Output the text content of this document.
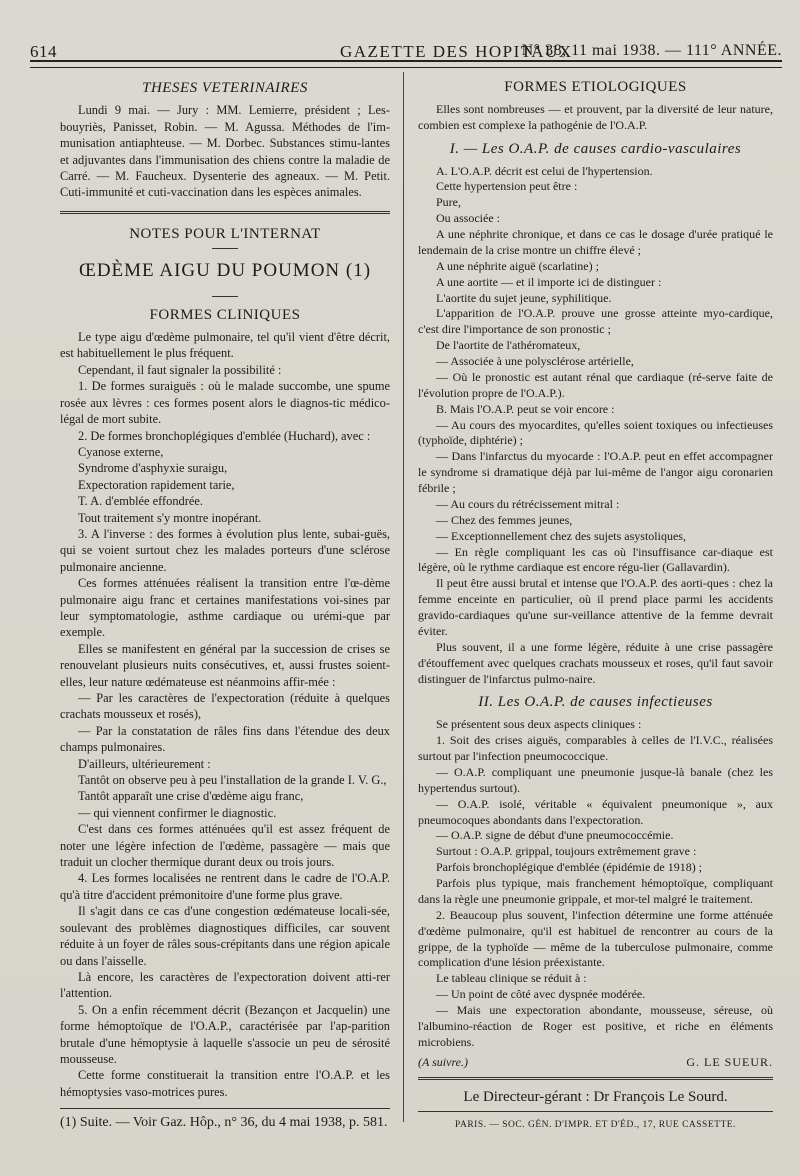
614	GAZETTE DES HOPITAUX
N° 38, 11 mai 1938. — 111° ANNÉE.
THESES VETERINAIRES

Lundi 9 mai. — Jury : MM. Lemierre, président ; Les-bouyriès, Panisset, Robin. — M. Agussa. Méthodes de l'im-munisation antiaphteuse. — M. Dorbec. Substances stimu-lantes et adjuvantes dans l'immunisation des chiens contre la maladie de Carré. — M. Faucheux. Dysenterie des agneaux. — M. Petit. Cuti-immunité et cuti-vaccination dans les espèces animales.

NOTES POUR L'INTERNAT
ŒDÈME AIGU DU POUMON (1)
FORMES CLINIQUES

Le type aigu d'œdème pulmonaire, tel qu'il vient d'être décrit, est habituellement le plus fréquent.

Cependant, il faut signaler la possibilité :

1. De formes suraiguës : où le malade succombe, une spume rosée aux lèvres : ces formes posent alors le diagnos-tic médico-légal de mort subite.

2. De formes bronchoplégiques d'emblée (Huchard), avec :

Cyanose externe,

Syndrome d'asphyxie suraigu,

Expectoration rapidement tarie,

T. A. d'emblée effondrée.

Tout traitement s'y montre inopérant.

3. A l'inverse : des formes à évolution plus lente, subai-guës, qui se voient surtout chez les malades porteurs d'une sclérose pulmonaire ancienne.

Ces formes atténuées réalisent la transition entre l'œ-dème pulmonaire aigu franc et certaines manifestations voi-sines par leur symptomatologie, asthme cardiaque ou urémi-que par exemple.

Elles se manifestent en général par la succession de crises se renouvelant plusieurs nuits consécutives, et, aussi frustes soient-elles, leur nature œdémateuse est néanmoins affir-mée :

— Par les caractères de l'expectoration (réduite à quelques crachats mousseux et rosés),

— Par la constatation de râles fins dans l'étendue des deux champs pulmonaires.

D'ailleurs, ultérieurement :

Tantôt on observe peu à peu l'installation de la grande I. V. G.,

Tantôt apparaît une crise d'œdème aigu franc,

— qui viennent confirmer le diagnostic.

C'est dans ces formes atténuées qu'il est assez fréquent de noter une légère infection de l'œdème, passagère — mais que traduit un clocher thermique durant deux ou trois jours.

4. Les formes localisées ne rentrent dans le cadre de l'O.A.P. qu'à titre d'accident prémonitoire d'une forme plus grave.

Il s'agit dans ce cas d'une congestion œdémateuse locali-sée, soulevant des problèmes diagnostiques difficiles, car souvent réduite à un foyer de râles sous-crépitants dans une région apicale ou dans l'aisselle.

Là encore, les caractères de l'expectoration doivent atti-rer l'attention.

5. On a enfin récemment décrit (Bezançon et Jacquelin) une forme hémoptoïque de l'O.A.P., caractérisée par l'ap-parition brutale d'une hémoptysie à laquelle s'associe un peu de sérosité mousseuse.

Cette forme constituerait la transition entre l'O.A.P. et les hémoptysies vaso-motrices pures.

(1) Suite. — Voir Gaz. Hôp., n° 36, du 4 mai 1938, p. 581.
FORMES ETIOLOGIQUES

Elles sont nombreuses — et prouvent, par la diversité de leur nature, combien est complexe la pathogénie de l'O.A.P.

I. — Les O.A.P. de causes cardio-vasculaires

A. L'O.A.P. décrit est celui de l'hypertension.

Cette hypertension peut être :

Pure,

Ou associée :

A une néphrite chronique, et dans ce cas le dosage d'urée pratiqué le lendemain de la crise montre un chiffre élevé ;

A une néphrite aiguë (scarlatine) ;

A une aortite — et il importe ici de distinguer :

L'aortite du sujet jeune, syphilitique.

L'apparition de l'O.A.P. prouve une grosse atteinte myo-cardique, c'est dire l'importance de son pronostic ;

De l'aortite de l'athéromateux,

— Associée à une polysclérose artérielle,

— Où le pronostic est autant rénal que cardiaque (ré-serve faite de l'évolution propre de l'O.A.P.).

B. Mais l'O.A.P. peut se voir encore :

— Au cours des myocardites, qu'elles soient toxiques ou infectieuses (typhoïde, diphtérie) ;

— Dans l'infarctus du myocarde : l'O.A.P. peut en effet accompagner le syndrome si dramatique déjà par lui-même de l'angor aigu coronarien fébrile ;

— Au cours du rétrécissement mitral :

— Chez des femmes jeunes,

— Exceptionnellement chez des sujets asystoliques,

— En règle compliquant les cas où l'insuffisance car-diaque est légère, où le rythme cardiaque est encore régu-lier (Gallavardin).

Il peut être aussi brutal et intense que l'O.A.P. des aorti-ques : chez la femme enceinte en particulier, où il prend place parmi les accidents gravido-cardiaques qu'une sur-veillance attentive de la femme devrait éviter.

Plus souvent, il a une forme légère, réduite à une crise passagère d'étouffement avec quelques crachats mousseux et roses, qu'il faut savoir distinguer de l'infarctus pulmo-naire.

II. Les O.A.P. de causes infectieuses

Se présentent sous deux aspects cliniques :

1. Soit des crises aiguës, comparables à celles de l'I.V.C., réalisées surtout par l'infection pneumococcique.

— O.A.P. compliquant une pneumonie jusque-là banale (chez les hypertendus surtout).

— O.A.P. isolé, véritable « équivalent pneumonique », aux pneumocoques abondants dans l'expectoration.

— O.A.P. signe de début d'une pneumococcémie.

Surtout : O.A.P. grippal, toujours extrêmement grave :

Parfois bronchoplégique d'emblée (épidémie de 1918) ;

Parfois plus typique, mais franchement hémoptoïque, compliquant dans la règle une pneumonie grippale, et mor-tel malgré le traitement.

2. Beaucoup plus souvent, l'infection détermine une forme atténuée d'œdème pulmonaire, qu'il est habituel de rencontrer au cours de la grippe, de la typhoïde — même de la tuberculose pulmonaire, comme complication d'une lésion préexistante.

Le tableau clinique se réduit à :

— Un point de côté avec dyspnée modérée.

— Mais une expectoration abondante, mousseuse, séreuse, où l'albumino-réaction de Roger est positive, et riche en éléments microbiens.

(A suivre.)	G. LE SUEUR.
Le Directeur-gérant : Dr François Le Sourd.
PARIS. — SOC. GÉN. D'IMPR. ET D'ÉD., 17, RUE CASSETTE.
